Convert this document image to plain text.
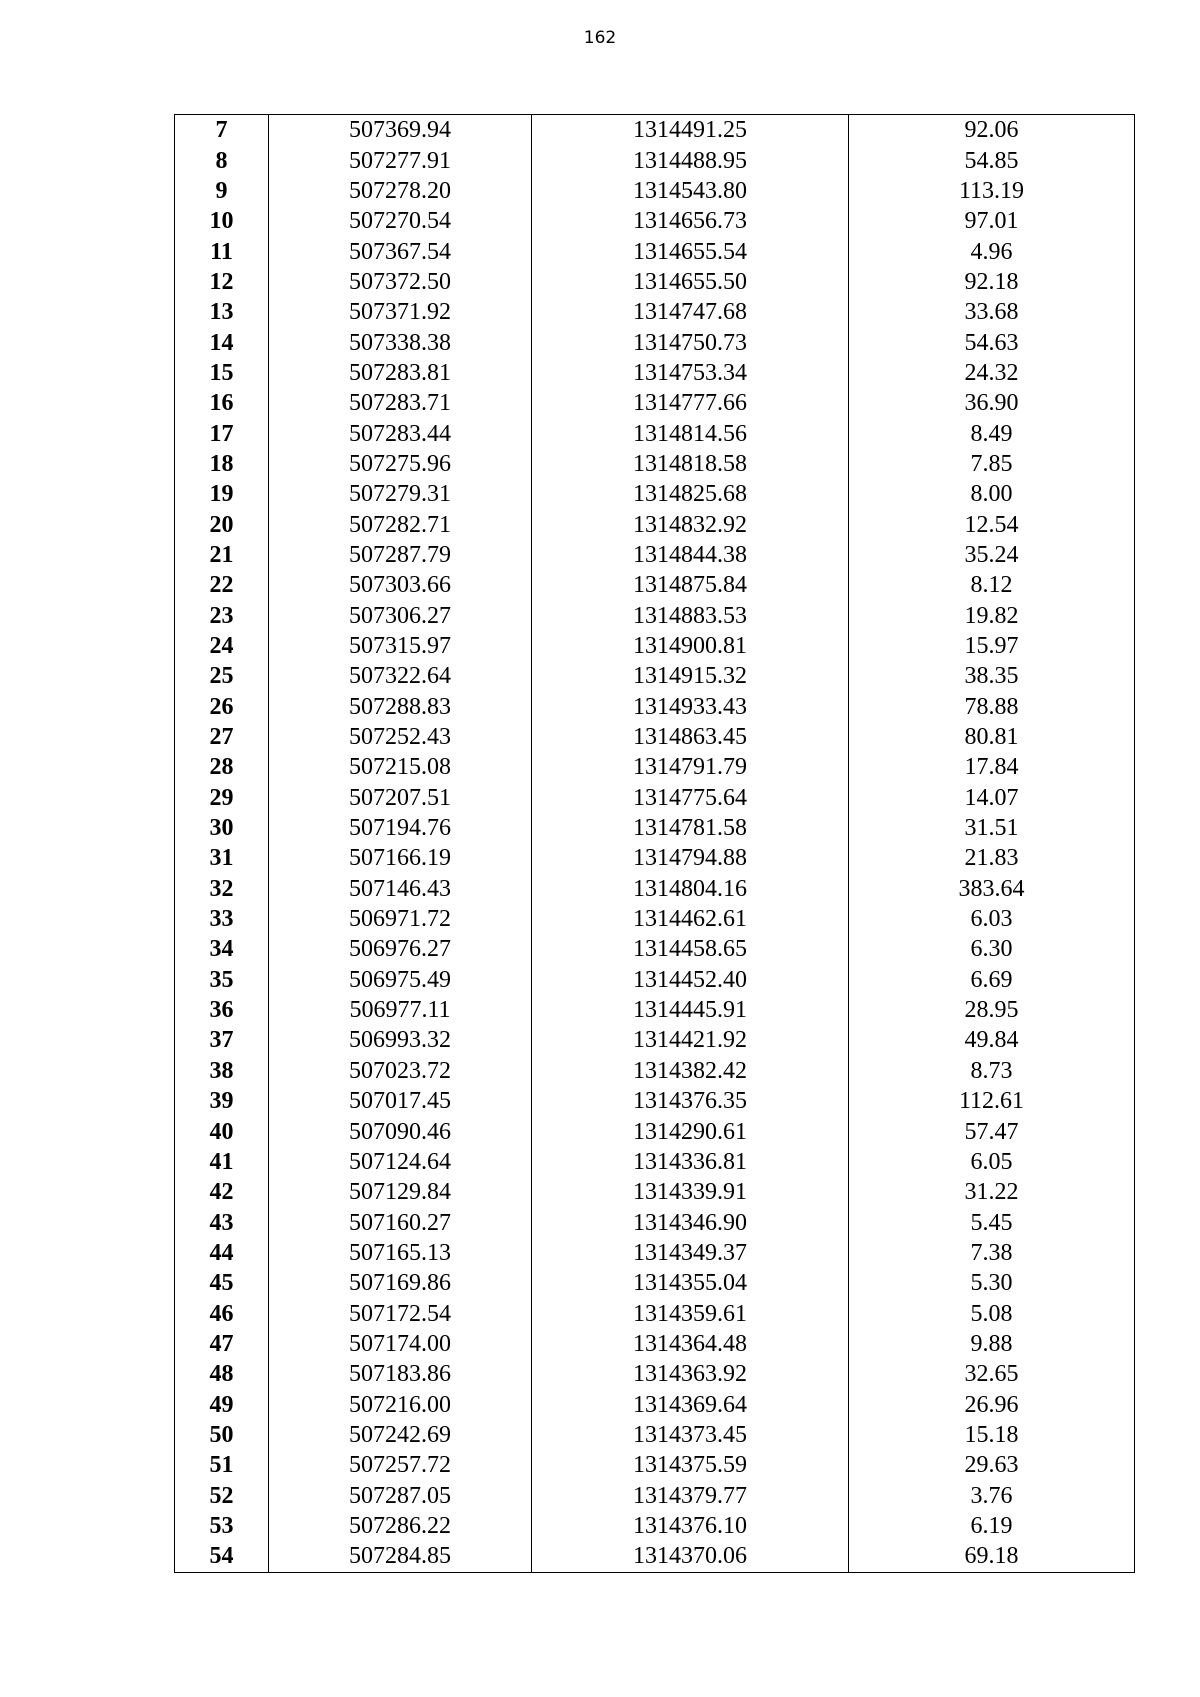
162
7	507369.94	1314491.25	92.06
8	507277.91	1314488.95	54.85
9	507278.20	1314543.80	113.19
10	507270.54	1314656.73	97.01
11	507367.54	1314655.54	4.96
12	507372.50	1314655.50	92.18
13	507371.92	1314747.68	33.68
14	507338.38	1314750.73	54.63
15	507283.81	1314753.34	24.32
16	507283.71	1314777.66	36.90
17	507283.44	1314814.56	8.49
18	507275.96	1314818.58	7.85
19	507279.31	1314825.68	8.00
20	507282.71	1314832.92	12.54
21	507287.79	1314844.38	35.24
22	507303.66	1314875.84	8.12
23	507306.27	1314883.53	19.82
24	507315.97	1314900.81	15.97
25	507322.64	1314915.32	38.35
26	507288.83	1314933.43	78.88
27	507252.43	1314863.45	80.81
28	507215.08	1314791.79	17.84
29	507207.51	1314775.64	14.07
30	507194.76	1314781.58	31.51
31	507166.19	1314794.88	21.83
32	507146.43	1314804.16	383.64
33	506971.72	1314462.61	6.03
34	506976.27	1314458.65	6.30
35	506975.49	1314452.40	6.69
36	506977.11	1314445.91	28.95
37	506993.32	1314421.92	49.84
38	507023.72	1314382.42	8.73
39	507017.45	1314376.35	112.61
40	507090.46	1314290.61	57.47
41	507124.64	1314336.81	6.05
42	507129.84	1314339.91	31.22
43	507160.27	1314346.90	5.45
44	507165.13	1314349.37	7.38
45	507169.86	1314355.04	5.30
46	507172.54	1314359.61	5.08
47	507174.00	1314364.48	9.88
48	507183.86	1314363.92	32.65
49	507216.00	1314369.64	26.96
50	507242.69	1314373.45	15.18
51	507257.72	1314375.59	29.63
52	507287.05	1314379.77	3.76
53	507286.22	1314376.10	6.19
54	507284.85	1314370.06	69.18
